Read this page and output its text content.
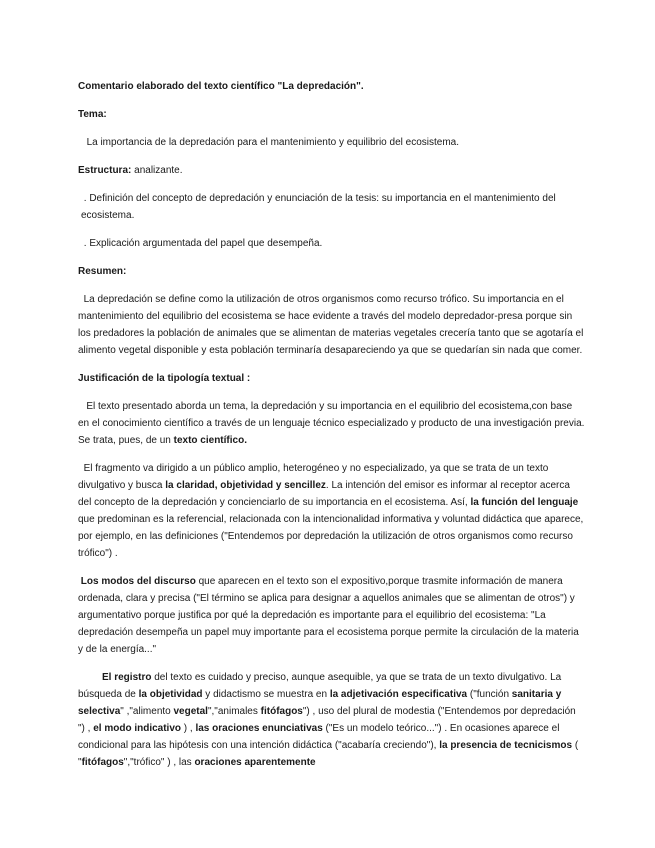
Comentario elaborado del texto científico "La depredación".

Tema:

La importancia de la depredación para el mantenimiento y equilibrio del ecosistema.

Estructura: analizante.

. Definición del concepto de depredación y enunciación de la tesis: su importancia en el mantenimiento del ecosistema.

. Explicación argumentada del papel que desempeña.

Resumen:

La depredación se define como la utilización de otros organismos como recurso trófico. Su importancia en el mantenimiento del equilibrio del ecosistema se hace evidente a través del modelo depredador-presa porque sin los predadores la población de animales que se alimentan de materias vegetales crecería tanto que se agotaría el alimento vegetal disponible y esta población terminaría desapareciendo ya que se quedarían sin nada que comer.

Justificación de la tipología textual :

El texto presentado aborda un tema, la depredación y su importancia en el equilibrio del ecosistema,con base en el conocimiento científico a través de un lenguaje técnico especializado y producto de una investigación previa. Se trata, pues, de un texto científico.

El fragmento va dirigido a un público amplio, heterogéneo y no especializado, ya que se trata de un texto divulgativo y busca la claridad, objetividad y sencillez. La intención del emisor es informar al receptor acerca del concepto de la depredación y concienciarlo de su importancia en el ecosistema. Así, la función del lenguaje que predominan es la referencial, relacionada con la intencionalidad informativa y voluntad didáctica que aparece, por ejemplo, en las definiciones ("Entendemos por depredación la utilización de otros organismos como recurso trófico") .

Los modos del discurso que aparecen en el texto son el expositivo,porque trasmite información de manera ordenada, clara y precisa ("El término se aplica para designar a aquellos animales que se alimentan de otros") y argumentativo porque justifica por qué la depredación es importante para el equilibrio del ecosistema: "La depredación desempeña un papel muy importante para el ecosistema porque permite la circulación de la materia y de la energía..."

El registro del texto es cuidado y preciso, aunque asequible, ya que se trata de un texto divulgativo. La búsqueda de la objetividad y didactismo se muestra en la adjetivación especificativa ("función sanitaria y selectiva" ,"alimento vegetal","animales fitófagos") , uso del plural de modestia ("Entendemos por depredación ") , el modo indicativo ) , las oraciones enunciativas ("Es un modelo teórico...") . En ocasiones aparece el condicional para las hipótesis con una intención didáctica ("acabaría creciendo"), la presencia de tecnicismos ( "fitófagos","trófico" ) , las oraciones aparentemente
